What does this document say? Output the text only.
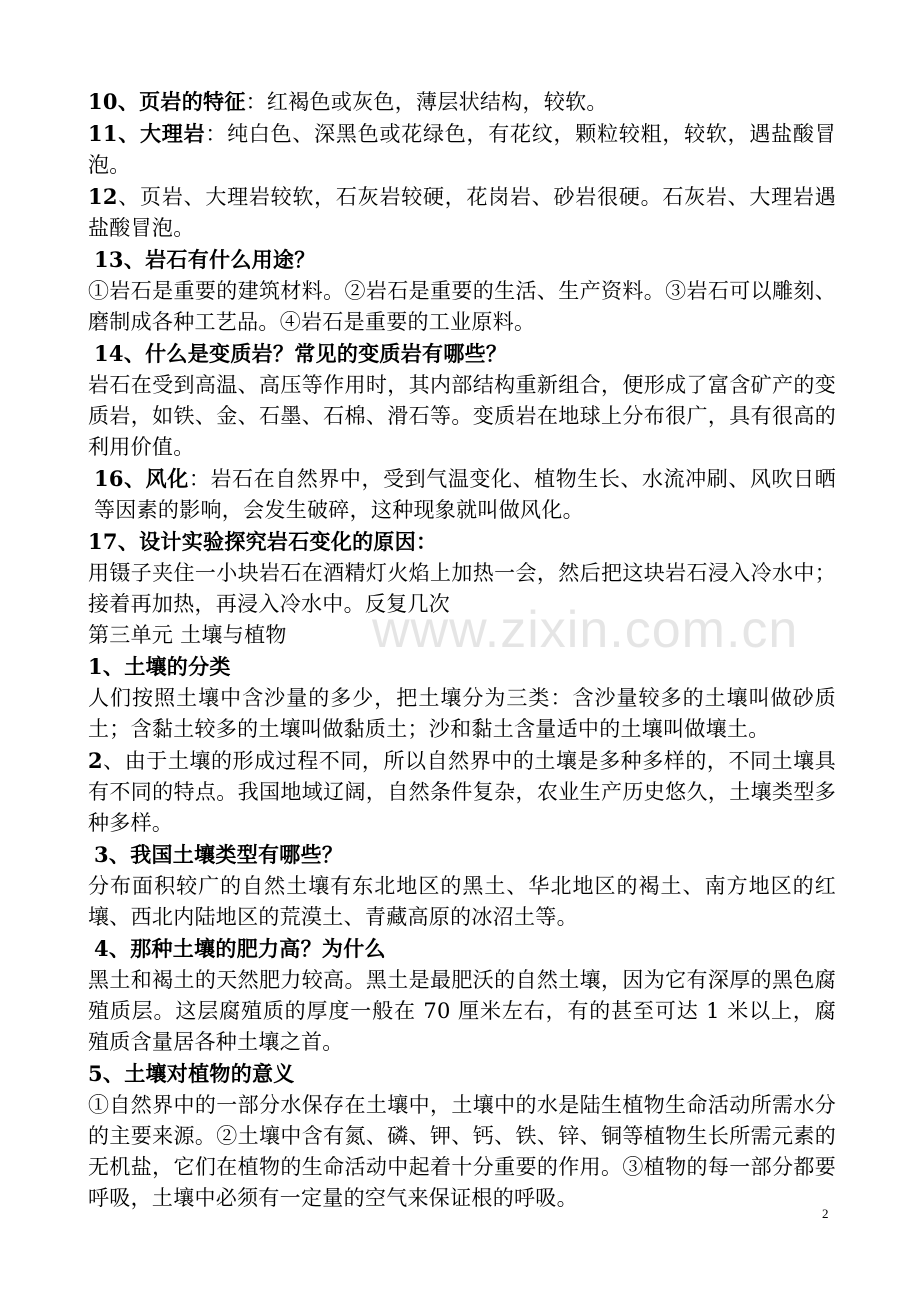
www.zixin.com.cn

10、页岩的特征：红褐色或灰色，薄层状结构，较软。

11、大理岩：纯白色、深黑色或花绿色，有花纹，颗粒较粗，较软，遇盐酸冒泡。

12、页岩、大理岩较软，石灰岩较硬，花岗岩、砂岩很硬。石灰岩、大理岩遇盐酸冒泡。

13、岩石有什么用途？

①岩石是重要的建筑材料。②岩石是重要的生活、生产资料。③岩石可以雕刻、磨制成各种工艺品。④岩石是重要的工业原料。

14、什么是变质岩？常见的变质岩有哪些？

岩石在受到高温、高压等作用时，其内部结构重新组合，便形成了富含矿产的变质岩，如铁、金、石墨、石棉、滑石等。变质岩在地球上分布很广，具有很高的利用价值。

16、风化：岩石在自然界中，受到气温变化、植物生长、水流冲刷、风吹日晒等因素的影响，会发生破碎，这种现象就叫做风化。

17、设计实验探究岩石变化的原因：

用镊子夹住一小块岩石在酒精灯火焰上加热一会，然后把这块岩石浸入冷水中；接着再加热，再浸入冷水中。反复几次

第三单元 土壤与植物

1、土壤的分类

人们按照土壤中含沙量的多少，把土壤分为三类：含沙量较多的土壤叫做砂质土；含黏土较多的土壤叫做黏质土；沙和黏土含量适中的土壤叫做壤土。

2、由于土壤的形成过程不同，所以自然界中的土壤是多种多样的，不同土壤具有不同的特点。我国地域辽阔，自然条件复杂，农业生产历史悠久，土壤类型多种多样。

3、我国土壤类型有哪些？

分布面积较广的自然土壤有东北地区的黑土、华北地区的褐土、南方地区的红壤、西北内陆地区的荒漠土、青藏高原的冰沼土等。

4、那种土壤的肥力高？为什么

黑土和褐土的天然肥力较高。黑土是最肥沃的自然土壤，因为它有深厚的黑色腐殖质层。这层腐殖质的厚度一般在 70 厘米左右，有的甚至可达 1 米以上，腐殖质含量居各种土壤之首。

5、土壤对植物的意义

①自然界中的一部分水保存在土壤中，土壤中的水是陆生植物生命活动所需水分的主要来源。②土壤中含有氮、磷、钾、钙、铁、锌、铜等植物生长所需元素的无机盐，它们在植物的生命活动中起着十分重要的作用。③植物的每一部分都要呼吸，土壤中必须有一定量的空气来保证根的呼吸。

2
